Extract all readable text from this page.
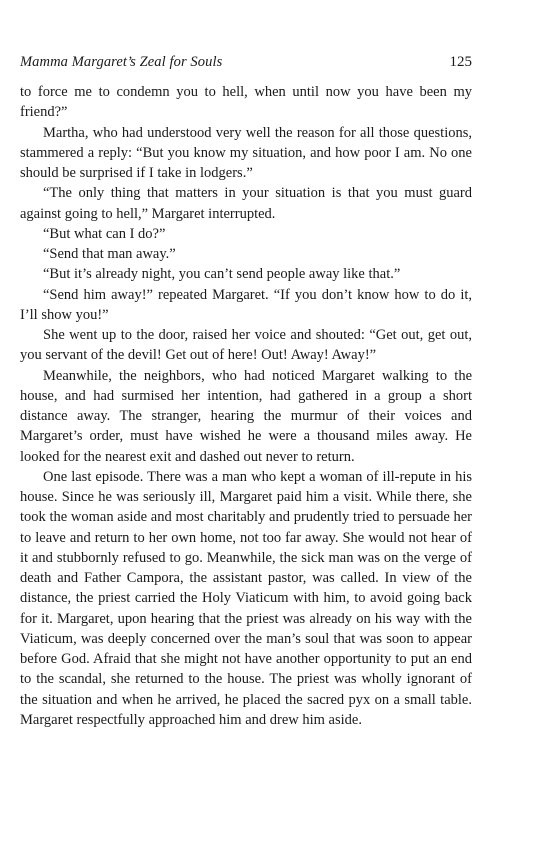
Mamma Margaret’s Zeal for Souls	125

to force me to condemn you to hell, when until now you have been my friend?”

Martha, who had understood very well the reason for all those questions, stammered a reply: “But you know my situation, and how poor I am. No one should be surprised if I take in lodgers.”

“The only thing that matters in your situation is that you must guard against going to hell,” Margaret interrupted.

“But what can I do?”

“Send that man away.”

“But it’s already night, you can’t send people away like that.”

“Send him away!” repeated Margaret. “If you don’t know how to do it, I’ll show you!”

She went up to the door, raised her voice and shouted: “Get out, get out, you servant of the devil! Get out of here! Out! Away! Away!”

Meanwhile, the neighbors, who had noticed Margaret walking to the house, and had surmised her intention, had gathered in a group a short distance away. The stranger, hearing the murmur of their voices and Margaret’s order, must have wished he were a thousand miles away. He looked for the nearest exit and dashed out never to return.

One last episode. There was a man who kept a woman of ill-repute in his house. Since he was seriously ill, Margaret paid him a visit. While there, she took the woman aside and most charitably and prudently tried to persuade her to leave and return to her own home, not too far away. She would not hear of it and stubbornly refused to go. Meanwhile, the sick man was on the verge of death and Father Campora, the assistant pastor, was called. In view of the distance, the priest carried the Holy Viaticum with him, to avoid going back for it. Margaret, upon hearing that the priest was already on his way with the Viaticum, was deeply concerned over the man’s soul that was soon to appear before God. Afraid that she might not have another opportunity to put an end to the scandal, she returned to the house. The priest was wholly ignorant of the situation and when he arrived, he placed the sacred pyx on a small table. Margaret respectfully approached him and drew him aside.
